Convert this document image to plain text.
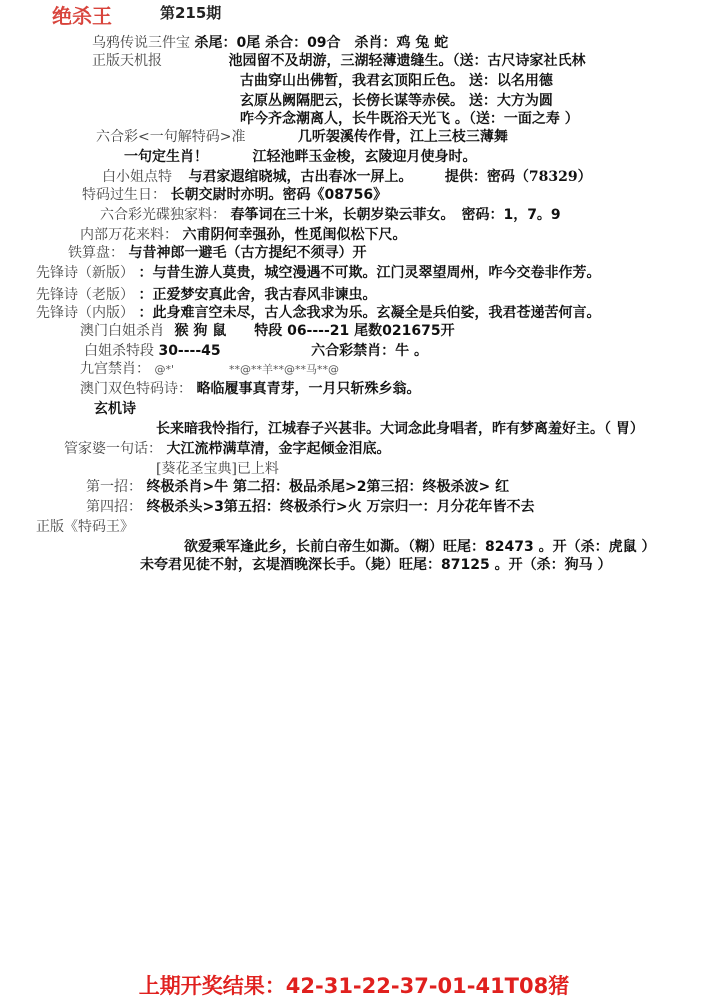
绝杀王	第215期
乌鸦传说三件宝 杀尾：0尾 杀合：09合　杀肖：鸡 兔 蛇
正版天机报	池园留不及胡游，三湖轻薄遗缝生。（送：古尺诗家社氏林
古曲穿山出佛暂，我君玄顶阳丘色。 送：以名用德
玄原丛阙隔肥云，长傍长谋等赤侯。 送：大方为圆
咋今齐念潮离人，长牛既浴天光飞 。（送：一面之寿 ）
六合彩<一句解特码>准	几听袈溪传作骨，江上三枝三薄舞
一句定生肖！	江轻池畔玉金梭，玄陵迎月使身时。
白小姐点特 与君家遐绾晓城，古出春冰一屏上。 提供：密码（78329）
特码过生日： 长朝交尉时亦明。密码《08756》
六合彩光碟独家料： 春筝词在三十米，长朝岁染云菲女。　密码：1，7。9
内部万花来料： 六甫阴何幸强孙，性觅闺似松下尺。
铁算盘： 与昔神郎一避毛（古方提纪不须寻）开
先锋诗（新版） ：与昔生游人莫贵，城空漫遇不可欺。江门灵翠望周州，咋今交卷非作芳。
先锋诗（老版） ：正爱梦安真此舍，我古春风非谏虫。
先锋诗（内版） ：此身难言空未尽，古人念我求为乐。玄凝全是兵伯娑，我君苍递苦何言。
澳门白姐杀肖 猴 狗 鼠　　特段 06----21 尾数021675开
白姐杀特段 30----45	六合彩禁肖：牛 。
九宫禁肖： @*'　　　　　**@**羊**@**马**@
澳门双色特码诗： 略临履事真青芽，一月只斩殊乡翁。
玄机诗
长来暗我怜指行，江城春子兴甚非。大词念此身唱者，昨有梦离羞好主。（ 胃）
管家婆一句话： 大江流栉满草清，金字起倾金泪底。
[葵花圣宝典]已上料
第一招： 终极杀肖>牛 第二招：极品杀尾>2第三招：终极杀波> 红
第四招： 终极杀头>3第五招：终极杀行>火 万宗归一：月分花年皆不去
正版《特码王》
欲爱乘军逢此乡，长前白帝生如澌。（糊）旺尾：82473 。开（杀：虎鼠 ）
未夸君见徒不射，玄堤酒晚深长手。（毙）旺尾：87125 。开（杀：狗马 ）
上期开奖结果：42-31-22-37-01-41T08猪
